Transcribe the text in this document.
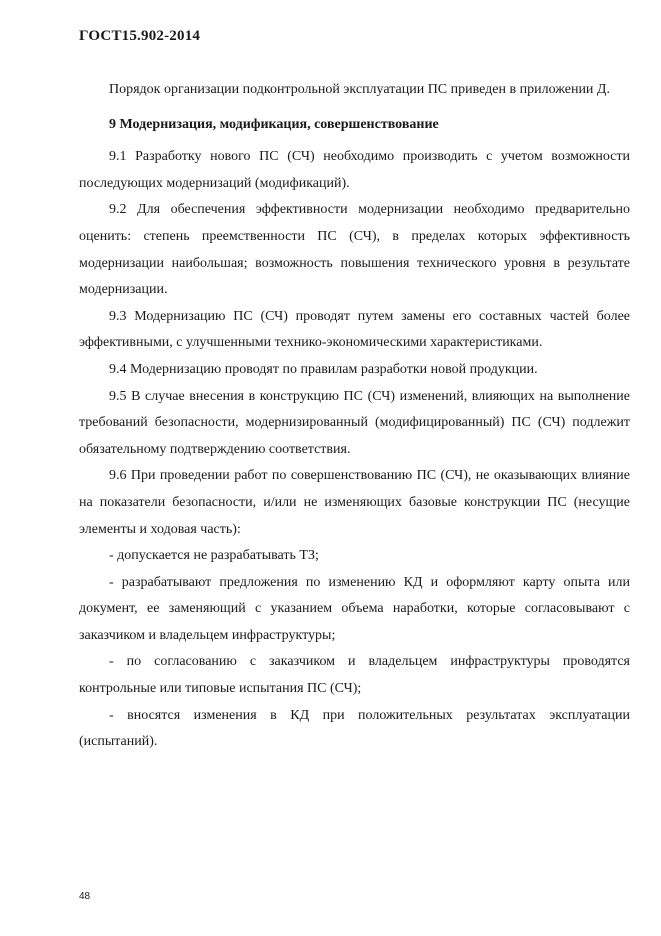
ГОСТ15.902-2014

Порядок организации подконтрольной эксплуатации ПС приведен в приложении Д.

9 Модернизация, модификация, совершенствование

9.1 Разработку нового ПС (СЧ) необходимо производить с учетом возможности последующих модернизаций (модификаций).

9.2 Для обеспечения эффективности модернизации необходимо предварительно оценить: степень преемственности ПС (СЧ), в пределах которых эффективность модернизации наибольшая; возможность повышения технического уровня в результате модернизации.

9.3 Модернизацию ПС (СЧ) проводят путем замены его составных частей более эффективными, с улучшенными технико-экономическими характеристиками.

9.4 Модернизацию проводят по правилам разработки новой продукции.

9.5 В случае внесения в конструкцию ПС (СЧ) изменений, влияющих на выполнение требований безопасности, модернизированный (модифицированный) ПС (СЧ) подлежит обязательному подтверждению соответствия.

9.6 При проведении работ по совершенствованию ПС (СЧ), не оказывающих влияние на показатели безопасности, и/или не изменяющих базовые конструкции ПС (несущие элементы и ходовая часть):

- допускается не разрабатывать ТЗ;

- разрабатывают предложения по изменению КД и оформляют карту опыта или документ, ее заменяющий с указанием объема наработки, которые согласовывают с заказчиком и владельцем инфраструктуры;

- по согласованию с заказчиком и владельцем инфраструктуры проводятся контрольные или типовые испытания ПС (СЧ);

- вносятся изменения в КД при положительных результатах эксплуатации (испытаний).

48
